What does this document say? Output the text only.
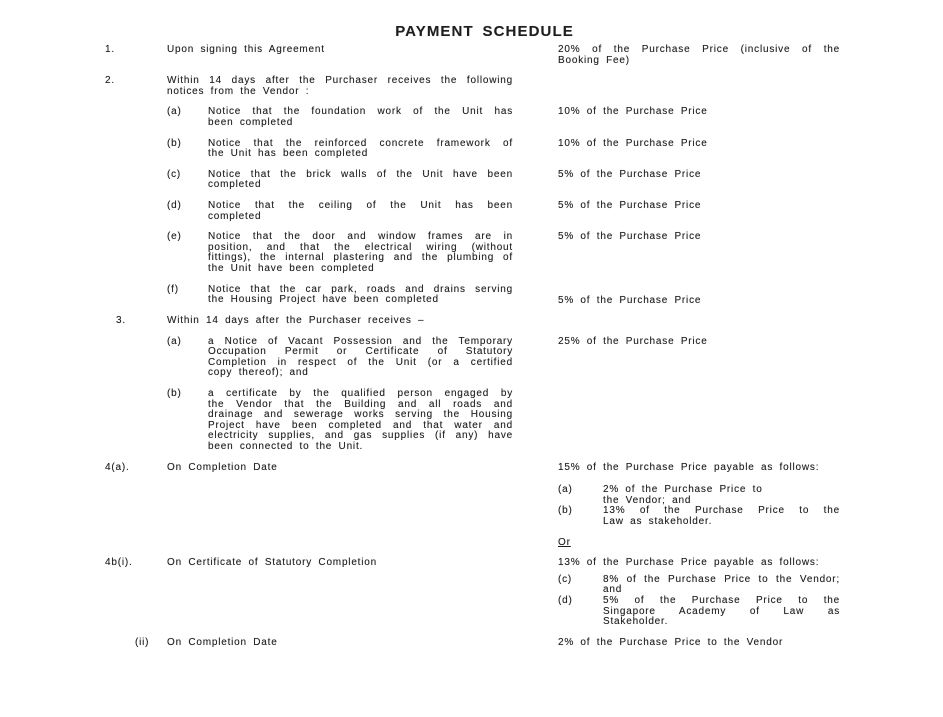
PAYMENT SCHEDULE
1.	Upon signing this Agreement	20% of the Purchase Price (inclusive of the
Booking Fee)
2.	Within 14 days after the Purchaser receives the following
notices from the Vendor :
(a)	Notice that the foundation work of the Unit has
been completed
10% of the Purchase Price
(b)	Notice that the reinforced concrete framework of
the Unit has been completed
10% of the Purchase Price
(c)	Notice that the brick walls of the Unit have been
completed
5% of the Purchase Price
(d)	Notice that the ceiling of the Unit has been
completed
5% of the Purchase Price
(e)	Notice that the door and window frames are in
position, and that the electrical wiring (without
fittings), the internal plastering and the plumbing of
the Unit have been completed
5% of the Purchase Price
(f)	Notice that the car park, roads and drains serving
the Housing Project have been completed	5% of the Purchase Price
3.	Within 14 days after the Purchaser receives –
(a)	a Notice of Vacant Possession and the Temporary
Occupation Permit or Certificate of Statutory
Completion in respect of the Unit (or a certified
copy thereof); and
25% of the Purchase Price
(b)	a certificate by the qualified person engaged by
the Vendor that the Building and all roads and
drainage and sewerage works serving the Housing
Project have been completed and that water and
electricity supplies, and gas supplies (if any) have
been connected to the Unit.
4(a).	On Completion Date	15% of the Purchase Price payable as follows:
(a)	2% of the Purchase Price to
the Vendor; and
(b)	13% of the Purchase Price to the
Law as stakeholder.
Or
4b(i).	On Certificate of Statutory Completion	13% of the Purchase Price payable as follows:
(c)	8% of the Purchase Price to the Vendor;
and
(d)	5% of the Purchase Price to the
Singapore Academy of Law as
Stakeholder.
(ii)	On Completion Date	2% of the Purchase Price to the Vendor
